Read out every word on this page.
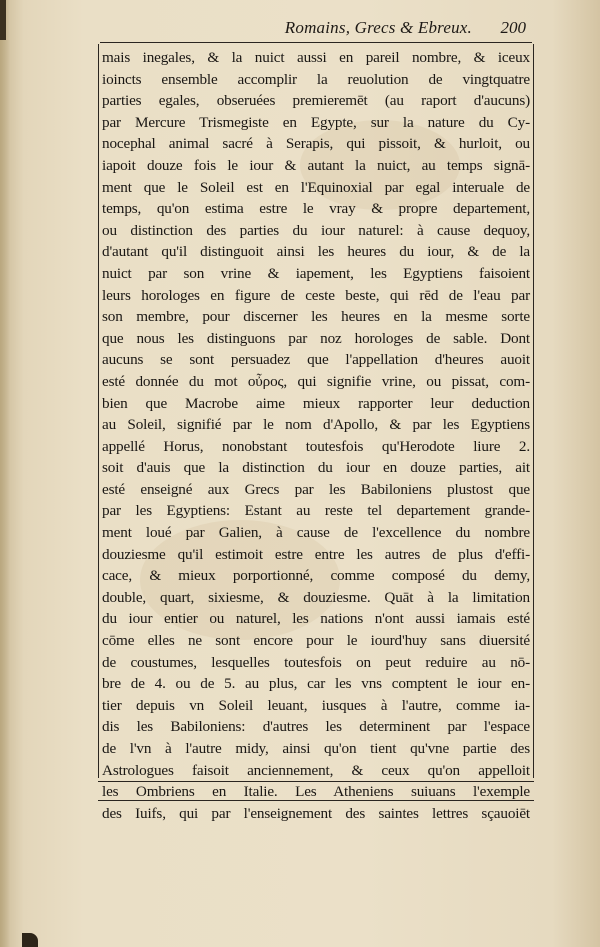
Romains, Grecs & Ebreux. 200
mais inegales, & la nuict aussi en pareil nombre, & iceux
ioincts ensemble accomplir la reuolution de vingtquatre
parties egales, obseruées premieremēt (au raport d'aucuns)
par Mercure Trismegiste en Egypte, sur la nature du Cy-
nocephal animal sacré à Serapis, qui pissoit, & hurloit, ou
iapoit douze fois le iour & autant la nuict, au temps signā-
ment que le Soleil est en l'Equinoxial par egal interuale de
temps, qu'on estima estre le vray & propre departement,
ou distinction des parties du iour naturel: à cause dequoy,
d'autant qu'il distinguoit ainsi les heures du iour, & de la
nuict par son vrine & iapement, les Egyptiens faisoient
leurs horologes en figure de ceste beste, qui rēd de l'eau par
son membre, pour discerner les heures en la mesme sorte
que nous les distinguons par noz horologes de sable. Dont
aucuns se sont persuadez que l'appellation d'heures auoit
esté donnée du mot οὖρος, qui signifie vrine, ou pissat, com-
bien que Macrobe aime mieux rapporter leur deduction
au Soleil, signifié par le nom d'Apollo, & par les Egyptiens
appellé Horus, nonobstant toutesfois qu'Herodote liure 2.
soit d'auis que la distinction du iour en douze parties, ait
esté enseigné aux Grecs par les Babiloniens plustost que
par les Egyptiens: Estant au reste tel departement grande-
ment loué par Galien, à cause de l'excellence du nombre
douziesme qu'il estimoit estre entre les autres de plus d'effi-
cace, & mieux porportionné, comme composé du demy,
double, quart, sixiesme, & douziesme. Quāt à la limitation
du iour entier ou naturel, les nations n'ont aussi iamais esté
cōme elles ne sont encore pour le iourd'huy sans diuersité
de coustumes, lesquelles toutesfois on peut reduire au nō-
bre de 4. ou de 5. au plus, car les vns comptent le iour en-
tier depuis vn Soleil leuant, iusques à l'autre, comme ia-
dis les Babiloniens: d'autres les determinent par l'espace
de l'vn à l'autre midy, ainsi qu'on tient qu'vne partie des
Astrologues faisoit anciennement, & ceux qu'on appelloit
les Ombriens en Italie. Les Atheniens suiuans l'exemple
des Iuifs, qui par l'enseignement des saintes lettres sçauoiēt
